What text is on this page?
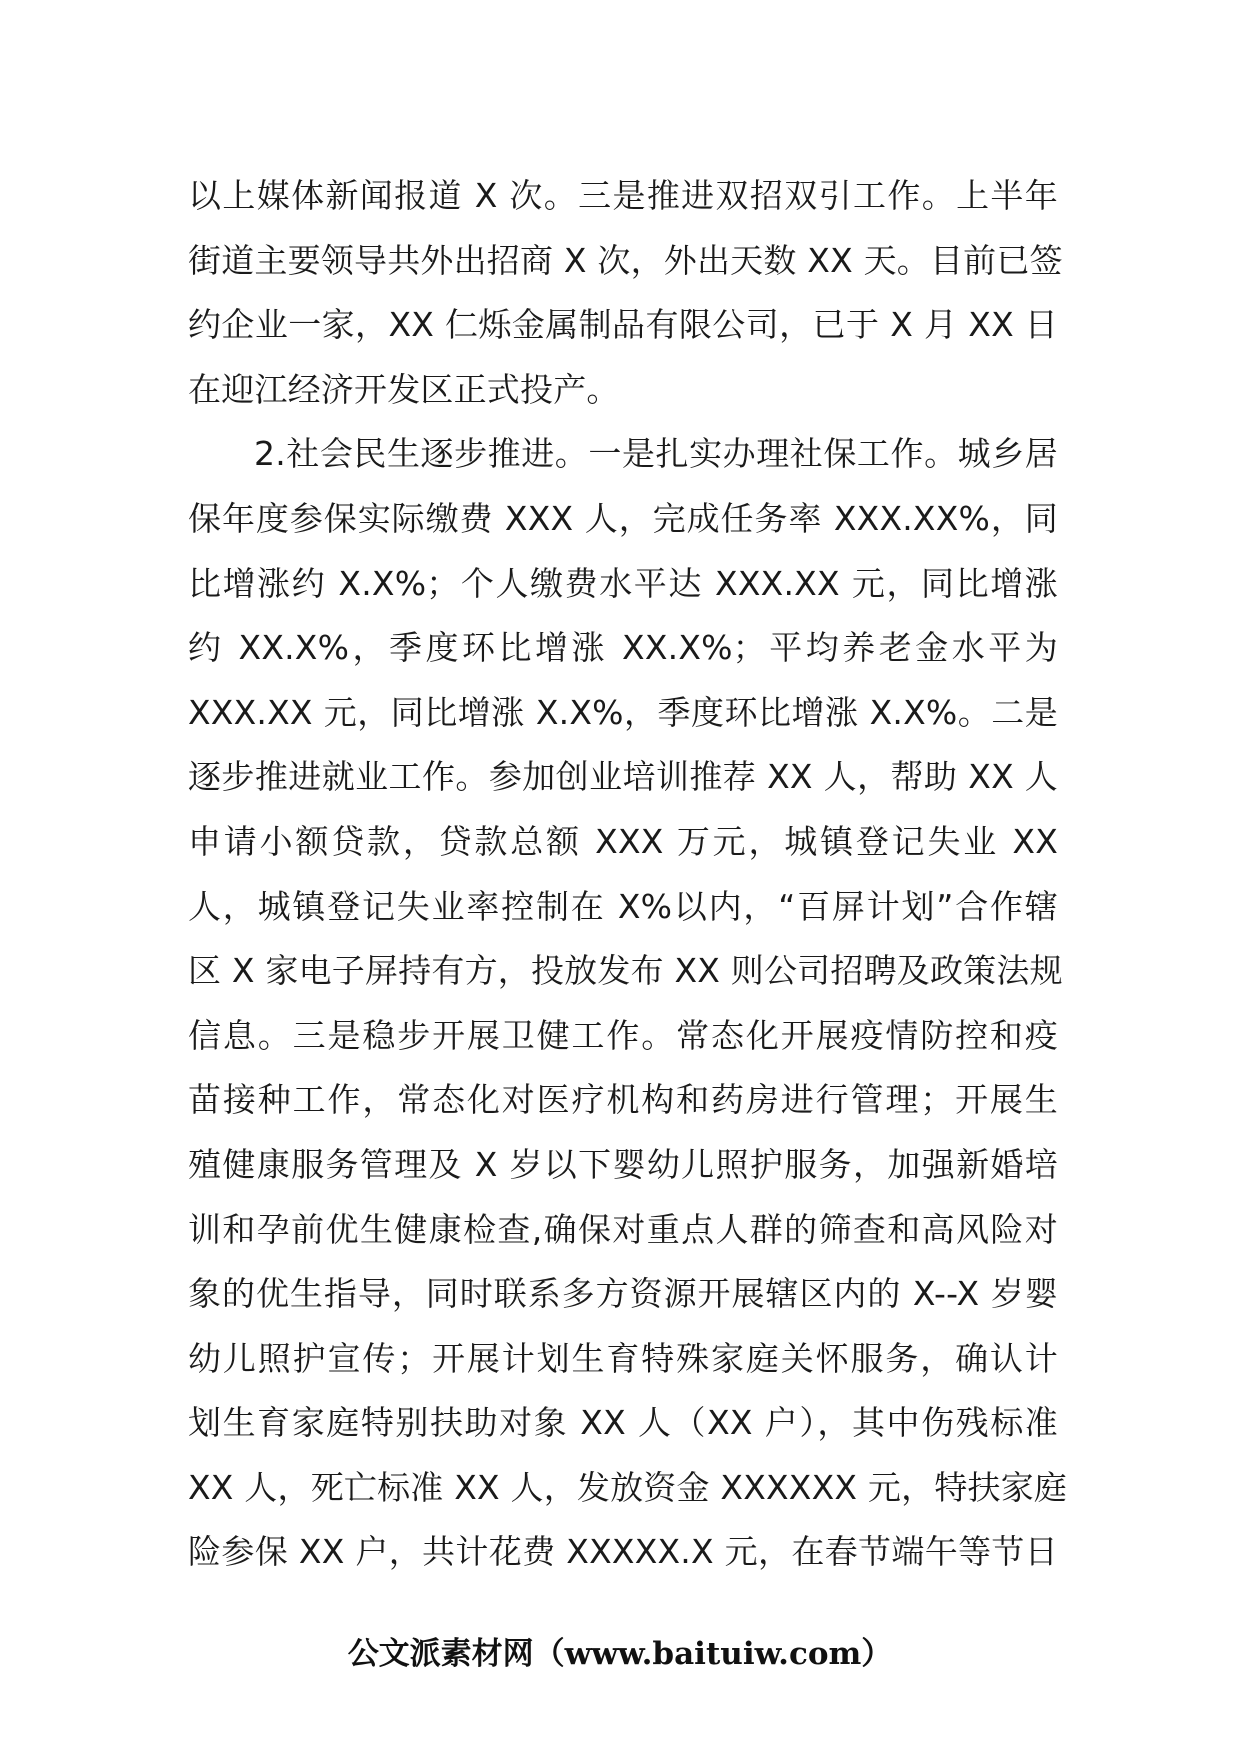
以上媒体新闻报道 X 次。三是推进双招双引工作。上半年
街道主要领导共外出招商 X 次，外出天数 XX 天。目前已签
约企业一家，XX 仁烁金属制品有限公司，已于 X 月 XX 日
在迎江经济开发区正式投产。
2.社会民生逐步推进。一是扎实办理社保工作。城乡居
保年度参保实际缴费 XXX 人，完成任务率 XXX.XX%，同
比增涨约 X.X%；个人缴费水平达 XXX.XX 元，同比增涨
约 XX.X%，季度环比增涨 XX.X%；平均养老金水平为
XXX.XX 元，同比增涨 X.X%，季度环比增涨 X.X%。二是
逐步推进就业工作。参加创业培训推荐 XX 人，帮助 XX 人
申请小额贷款，贷款总额 XXX 万元，城镇登记失业 XX
人，城镇登记失业率控制在 X%以内，“百屏计划”合作辖
区 X 家电子屏持有方，投放发布 XX 则公司招聘及政策法规
信息。三是稳步开展卫健工作。常态化开展疫情防控和疫
苗接种工作，常态化对医疗机构和药房进行管理；开展生
殖健康服务管理及 X 岁以下婴幼儿照护服务，加强新婚培
训和孕前优生健康检查,确保对重点人群的筛查和高风险对
象的优生指导，同时联系多方资源开展辖区内的 X--X 岁婴
幼儿照护宣传；开展计划生育特殊家庭关怀服务，确认计
划生育家庭特别扶助对象 XX 人（XX 户），其中伤残标准
XX 人，死亡标准 XX 人，发放资金 XXXXXX 元，特扶家庭
险参保 XX 户，共计花费 XXXXX.X 元，在春节端午等节日
公文派素材网（www.baituiw.com）
